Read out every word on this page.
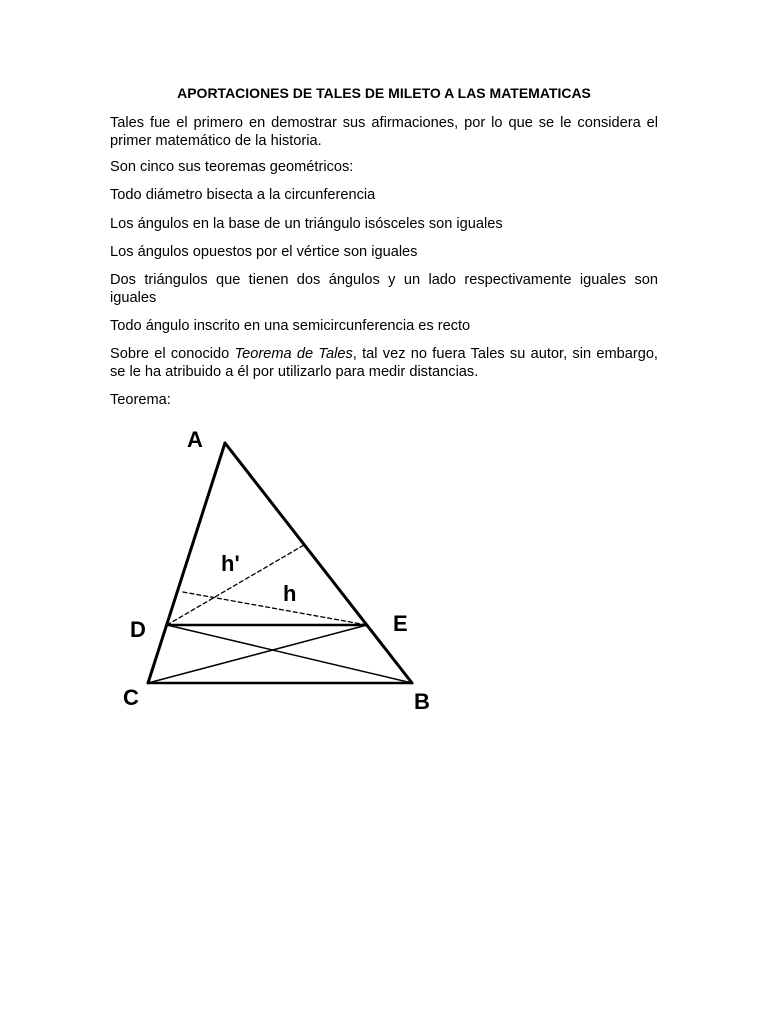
APORTACIONES DE TALES DE MILETO A LAS MATEMATICAS

Tales fue el primero en demostrar sus afirmaciones, por lo que se le considera el primer matemático de la historia.

Son cinco sus teoremas geométricos:

Todo diámetro bisecta a la circunferencia

Los ángulos en la base de un triángulo isósceles son iguales

Los ángulos opuestos por el vértice son iguales

Dos triángulos que tienen dos ángulos y un lado respectivamente iguales son iguales

Todo ángulo inscrito en una semicircunferencia es recto

Sobre el conocido Teorema de Tales, tal vez no fuera Tales su autor, sin embargo, se le ha atribuido a él por utilizarlo para medir distancias.

Teorema:

A
B
C
D	E
h'
h
